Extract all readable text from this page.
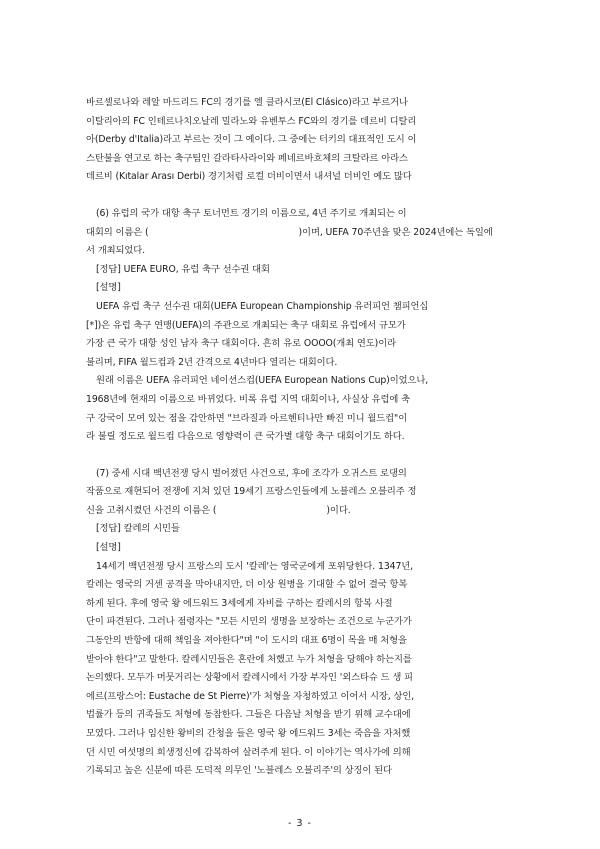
바르셀로나와 레알 마드리드 FC의 경기를 엘 클라시코(El Clásico)라고 부르거나

이탈리아의 FC 인테르나치오날레 밀라노와 유벤투스 FC와의 경기를 데르비 디탈리

아(Derby d'Italia)라고 부르는 것이 그 예이다. 그 중에는 터키의 대표적인 도시 이

스탄불을 연고로 하는 축구팀인 갈라타사라이와 페네르바흐체의 크탈라르 아라스

데르비 (Kıtalar Arası Derbi) 경기처럼 로컬 더비이면서 내셔널 더비인 예도 많다

(6) 유럽의 국가 대항 축구 토너먼트 경기의 이름으로, 4년 주기로 개최되는 이

대회의 이름은 (	)이며, UEFA 70주년을 맞은 2024년에는 독일에

서 개최되었다.

[정답] UEFA EURO, 유럽 축구 선수권 대회

[설명]

UEFA 유럽 축구 선수권 대회(UEFA European Championship 유러피언 챔피언십

[*])은 유럽 축구 연맹(UEFA)의 주관으로 개최되는 축구 대회로 유럽에서 규모가

가장 큰 국가 대항 성인 남자 축구 대회이다. 흔히 유로 OOOO(개최 연도)이라

불리며, FIFA 월드컵과 2년 간격으로 4년마다 열리는 대회이다.

원래 이름은 UEFA 유러피언 네이션스컵(UEFA European Nations Cup)이었으나,

1968년에 현재의 이름으로 바뀌었다. 비록 유럽 지역 대회이나, 사실상 유럽에 축

구 강국이 모여 있는 점을 감안하면 "브라질과 아르헨티나만 빠진 미니 월드컵"이

라 불릴 정도로 월드컵 다음으로 영향력이 큰 국가별 대항 축구 대회이기도 하다.

(7) 중세 시대 백년전쟁 당시 벌어졌던 사건으로, 후에 조각가 오귀스트 로댕의

작품으로 재현되어 전쟁에 지쳐 있던 19세기 프랑스인들에게 노블레스 오블리주 정

신을 고취시켰던 사건의 이름은 (	)이다.

[정답] 칼레의 시민들

[설명]

14세기 백년전쟁 당시 프랑스의 도시 '칼레'는 영국군에게 포위당한다. 1347년,

칼레는 영국의 거센 공격을 막아내지만, 더 이상 원병을 기대할 수 없어 결국 항복

하게 된다. 후에 영국 왕 에드워드 3세에게 자비를 구하는 칼레시의 항복 사절

단이 파견된다. 그러나 점령자는 "모든 시민의 생명을 보장하는 조건으로 누군가가

그동안의 반항에 대해 책임을 져야한다"며 "이 도시의 대표 6명이 목을 매 처형을

받아야 한다"고 말한다. 칼레시민들은 혼란에 처했고 누가 처형을 당해야 하는지를

논의했다. 모두가 머뭇거리는 상황에서 칼레시에서 가장 부자인 '외스타슈 드 생 피

에르(프랑스어: Eustache de St Pierre)'가 처형을 자청하였고 이어서 시장, 상인,

법률가 등의 귀족들도 처형에 동참한다. 그들은 다음날 처형을 받기 위해 교수대에

모였다. 그러나 임신한 왕비의 간청을 들은 영국 왕 에드워드 3세는 죽음을 자처했

던 시민 여섯명의 희생정신에 감복하여 살려주게 된다. 이 이야기는 역사가에 의해

기록되고 높은 신분에 따른 도덕적 의무인 '노블레스 오블리주'의 상징이 된다

- 3 -
